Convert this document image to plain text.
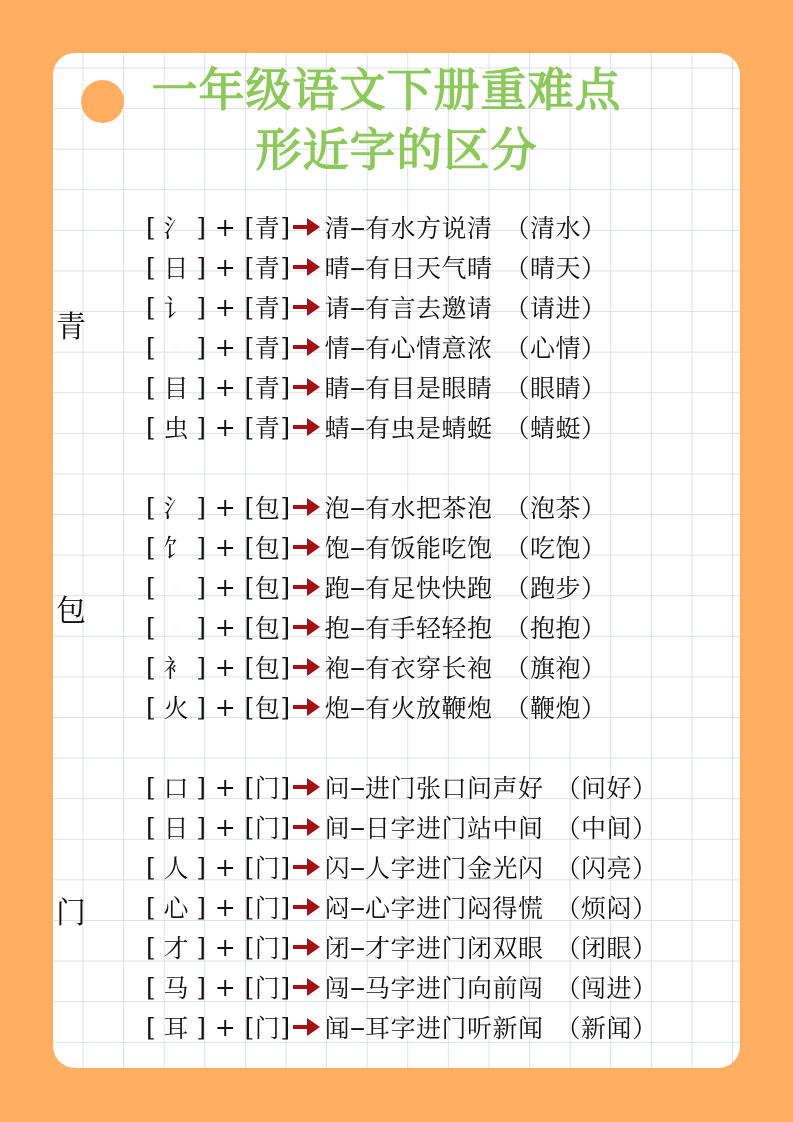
一年级语文下册重难点
形近字的区分
青
[ 氵 ] + [ 青 ] 清 -- 有水方说清 （清水）
[ 日 ] + [ 青 ] 晴 -- 有日天气晴 （晴天）
[ 讠 ] + [ 青 ] 请 -- 有言去邀请 （请进）
[	· ] + [ 青 ] 情 -- 有心情意浓 （心情）
[ 目 ] + [ 青 ] 睛 -- 有目是眼睛 （眼睛）
[ 虫 ] + [ 青 ] 蜻 -- 有虫是蜻蜓 （蜻蜓）
包
[ 氵 ] + [ 包 ] 泡 -- 有水把茶泡 （泡茶）
[ 饣 ] + [ 包 ] 饱 -- 有饭能吃饱 （吃饱）
[	· ] + [ 包 ] 跑 -- 有足快快跑 （跑步）
[	· ] + [ 包 ] 抱 -- 有手轻轻抱 （抱抱）
[ 衤 ] + [ 包 ] 袍 -- 有衣穿长袍 （旗袍）
[ 火 ] + [ 包 ] 炮 -- 有火放鞭炮 （鞭炮）
门
[ 口 ] + [ 门 ] 问 -- 进门张口问声好 （问好）
[ 日 ] + [ 门 ] 间 -- 日字进门站中间 （中间）
[ 人 ] + [ 门 ] 闪 -- 人字进门金光闪 （闪亮）
[ 心 ] + [ 门 ] 闷 -- 心字进门闷得慌 （烦闷）
[ 才 ] + [ 门 ] 闭 -- 才字进门闭双眼 （闭眼）
[ 马 ] + [ 门 ] 闯 -- 马字进门向前闯 （闯进）
[ 耳 ] + [ 门 ] 闻 -- 耳字进门听新闻 （新闻）
